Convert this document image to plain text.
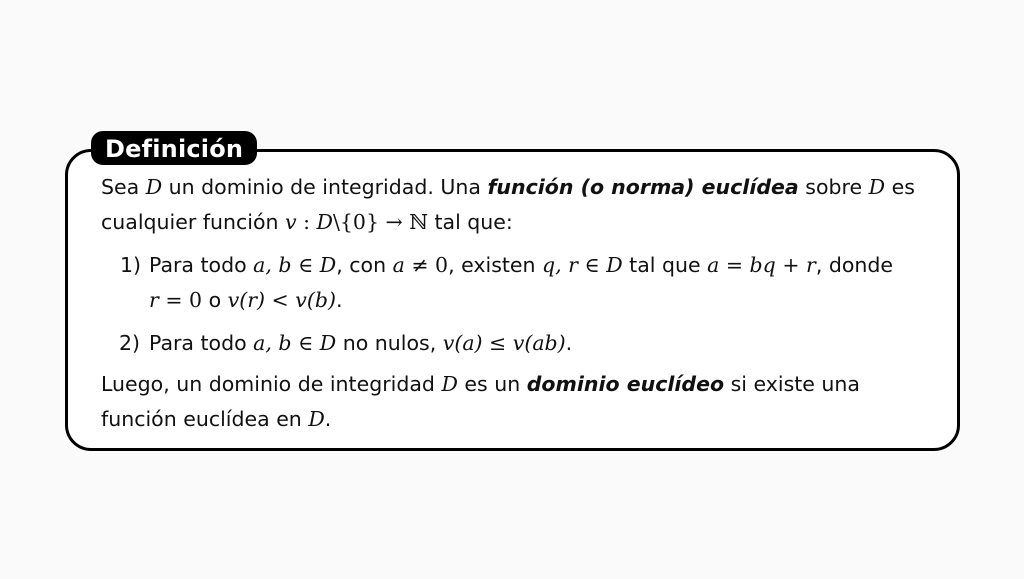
Definición

Sea D un dominio de integridad. Una función (o norma) euclídea sobre D es cualquier función v : D\{0} → ℕ tal que:

1) Para todo a, b ∈ D, con a ≠ 0, existen q, r ∈ D tal que a = bq + r, donde
r = 0 o v(r) < v(b).
2) Para todo a, b ∈ D no nulos, v(a) ≤ v(ab).

Luego, un dominio de integridad D es un dominio euclídeo si existe una función euclídea en D.
